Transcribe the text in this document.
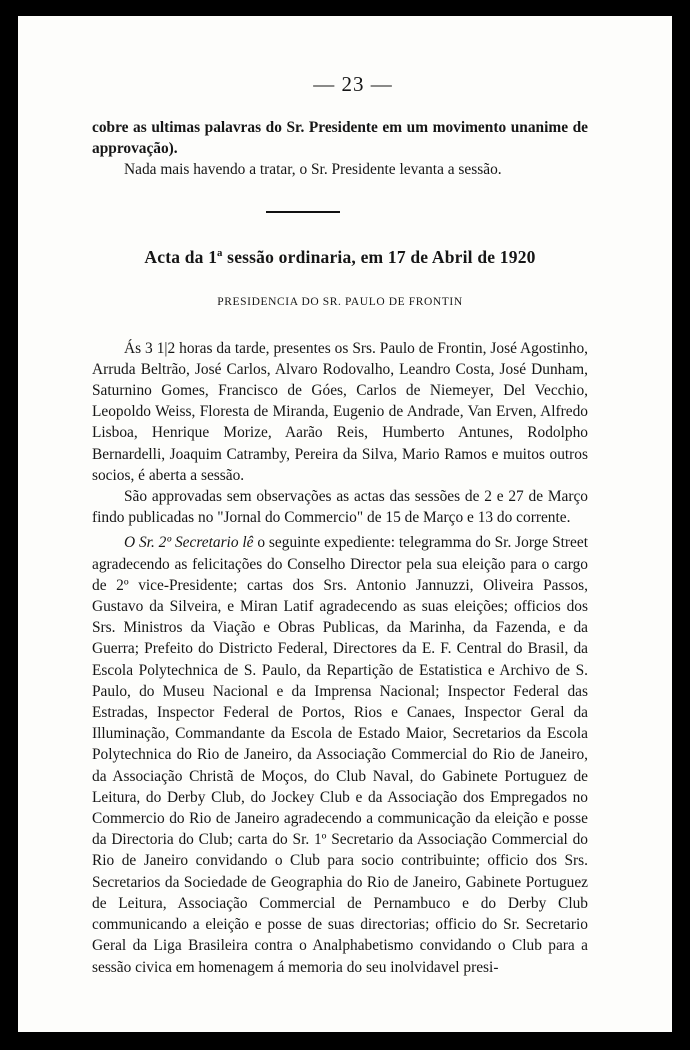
— 23 —

cobre as ultimas palavras do Sr. Presidente em um movimento unanime de approvação).

Nada mais havendo a tratar, o Sr. Presidente levanta a sessão.

Acta da 1ª sessão ordinaria, em 17 de Abril de 1920
PRESIDENCIA DO SR. PAULO DE FRONTIN

Ás 3 1|2 horas da tarde, presentes os Srs. Paulo de Frontin, José Agostinho, Arruda Beltrão, José Carlos, Alvaro Rodovalho, Leandro Costa, José Dunham, Saturnino Gomes, Francisco de Góes, Carlos de Niemeyer, Del Vecchio, Leopoldo Weiss, Floresta de Miranda, Eugenio de Andrade, Van Erven, Alfredo Lisboa, Henrique Morize, Aarão Reis, Humberto Antunes, Rodolpho Bernardelli, Joaquim Catramby, Pereira da Silva, Mario Ramos e muitos outros socios, é aberta a sessão.

São approvadas sem observações as actas das sessões de 2 e 27 de Março findo publicadas no "Jornal do Commercio" de 15 de Março e 13 do corrente.

O Sr. 2º Secretario lê o seguinte expediente: telegramma do Sr. Jorge Street agradecendo as felicitações do Conselho Director pela sua eleição para o cargo de 2º vice-Presidente; cartas dos Srs. Antonio Jannuzzi, Oliveira Passos, Gustavo da Silveira, e Miran Latif agradecendo as suas eleições; officios dos Srs. Ministros da Viação e Obras Publicas, da Marinha, da Fazenda, e da Guerra; Prefeito do Districto Federal, Directores da E. F. Central do Brasil, da Escola Polytechnica de S. Paulo, da Repartição de Estatistica e Archivo de S. Paulo, do Museu Nacional e da Imprensa Nacional; Inspector Federal das Estradas, Inspector Federal de Portos, Rios e Canaes, Inspector Geral da Illuminação, Commandante da Escola de Estado Maior, Secretarios da Escola Polytechnica do Rio de Janeiro, da Associação Commercial do Rio de Janeiro, da Associação Christã de Moços, do Club Naval, do Gabinete Portuguez de Leitura, do Derby Club, do Jockey Club e da Associação dos Empregados no Commercio do Rio de Janeiro agradecendo a communicação da eleição e posse da Directoria do Club; carta do Sr. 1º Secretario da Associação Commercial do Rio de Janeiro convidando o Club para socio contribuinte; officio dos Srs. Secretarios da Sociedade de Geographia do Rio de Janeiro, Gabinete Portuguez de Leitura, Associação Commercial de Pernambuco e do Derby Club communicando a eleição e posse de suas directorias; officio do Sr. Secretario Geral da Liga Brasileira contra o Analphabetismo convidando o Club para a sessão civica em homenagem á memoria do seu inolvidavel presi-
